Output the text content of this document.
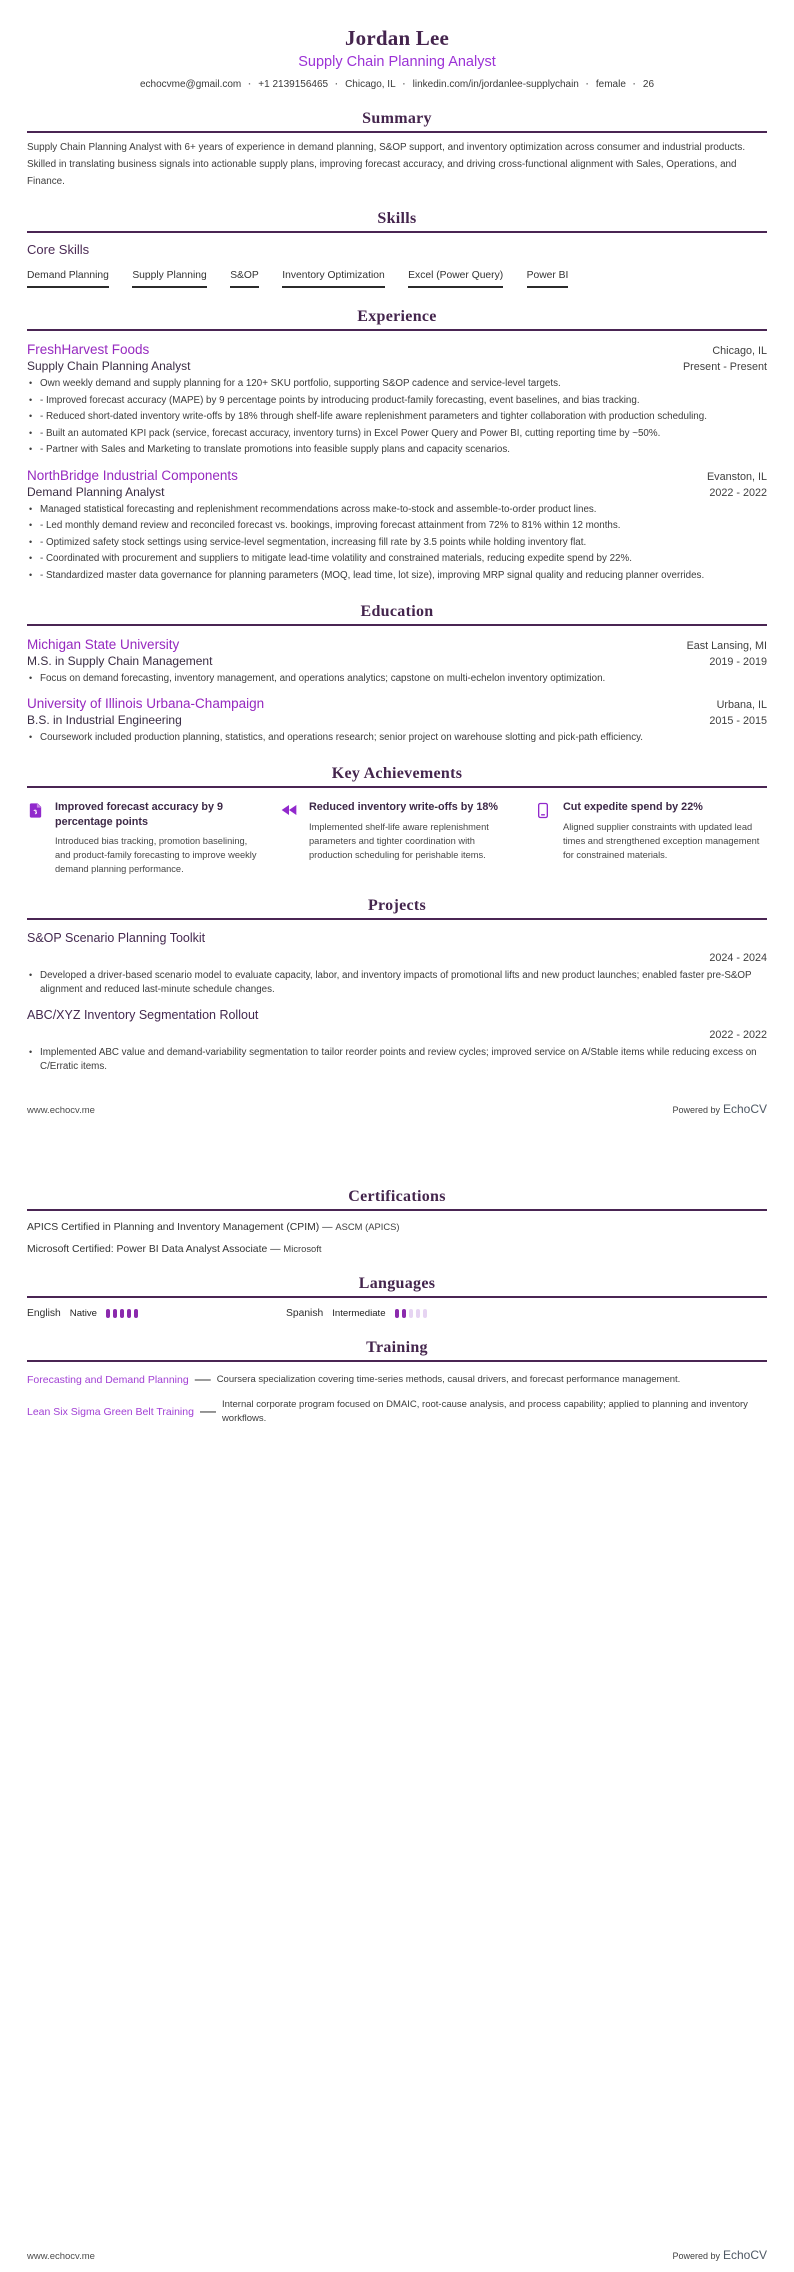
Jordan Lee
Supply Chain Planning Analyst
echocvme@gmail.com · +1 2139156465 · Chicago, IL · linkedin.com/in/jordanlee-supplychain · female · 26
Summary

Supply Chain Planning Analyst with 6+ years of experience in demand planning, S&OP support, and inventory optimization across consumer and industrial products. Skilled in translating business signals into actionable supply plans, improving forecast accuracy, and driving cross-functional alignment with Sales, Operations, and Finance.

Skills
Core Skills
Demand Planning Supply Planning S&OP Inventory Optimization Excel (Power Query) Power BI
Experience
FreshHarvest Foods	Chicago, IL
Supply Chain Planning Analyst	Present - Present
• Own weekly demand and supply planning for a 120+ SKU portfolio, supporting S&OP cadence and service-level targets.
• - Improved forecast accuracy (MAPE) by 9 percentage points by introducing product-family forecasting, event baselines, and bias tracking.
• - Reduced short-dated inventory write-offs by 18% through shelf-life aware replenishment parameters and tighter collaboration with production scheduling.
• - Built an automated KPI pack (service, forecast accuracy, inventory turns) in Excel Power Query and Power BI, cutting reporting time by ~50%.
• - Partner with Sales and Marketing to translate promotions into feasible supply plans and capacity scenarios.
NorthBridge Industrial Components	Evanston, IL
Demand Planning Analyst	2022 - 2022
• Managed statistical forecasting and replenishment recommendations across make-to-stock and assemble-to-order product lines.
• - Led monthly demand review and reconciled forecast vs. bookings, improving forecast attainment from 72% to 81% within 12 months.
• - Optimized safety stock settings using service-level segmentation, increasing fill rate by 3.5 points while holding inventory flat.
• - Coordinated with procurement and suppliers to mitigate lead-time volatility and constrained materials, reducing expedite spend by 22%.
• - Standardized master data governance for planning parameters (MOQ, lead time, lot size), improving MRP signal quality and reducing planner overrides.
Education
Michigan State University	East Lansing, MI
M.S. in Supply Chain Management	2019 - 2019
• Focus on demand forecasting, inventory management, and operations analytics; capstone on multi-echelon inventory optimization.
University of Illinois Urbana-Champaign	Urbana, IL
B.S. in Industrial Engineering	2015 - 2015
• Coursework included production planning, statistics, and operations research; senior project on warehouse slotting and pick-path efficiency.
Key Achievements
Improved forecast accuracy by 9 percentage points
Introduced bias tracking, promotion baselining, and product-family forecasting to improve weekly demand planning performance.
Reduced inventory write-offs by 18%
Implemented shelf-life aware replenishment parameters and tighter coordination with production scheduling for perishable items.
Cut expedite spend by 22%
Aligned supplier constraints with updated lead times and strengthened exception management for constrained materials.
Projects
S&OP Scenario Planning Toolkit
2024 - 2024
• Developed a driver-based scenario model to evaluate capacity, labor, and inventory impacts of promotional lifts and new product launches; enabled faster pre-S&OP alignment and reduced last-minute schedule changes.
ABC/XYZ Inventory Segmentation Rollout
2022 - 2022
• Implemented ABC value and demand-variability segmentation to tailor reorder points and review cycles; improved service on A/Stable items while reducing excess on C/Erratic items.
www.echocv.me	Powered by EchoCV
Certifications
APICS Certified in Planning and Inventory Management (CPIM) — ASCM (APICS)
Microsoft Certified: Power BI Data Analyst Associate — Microsoft
Languages
English Native	Spanish Intermediate
Training
Forecasting and Demand Planning — Coursera specialization covering time-series methods, causal drivers, and forecast performance management.
Lean Six Sigma Green Belt Training — Internal corporate program focused on DMAIC, root-cause analysis, and process capability; applied to planning and inventory workflows.
www.echocv.me	Powered by EchoCV
